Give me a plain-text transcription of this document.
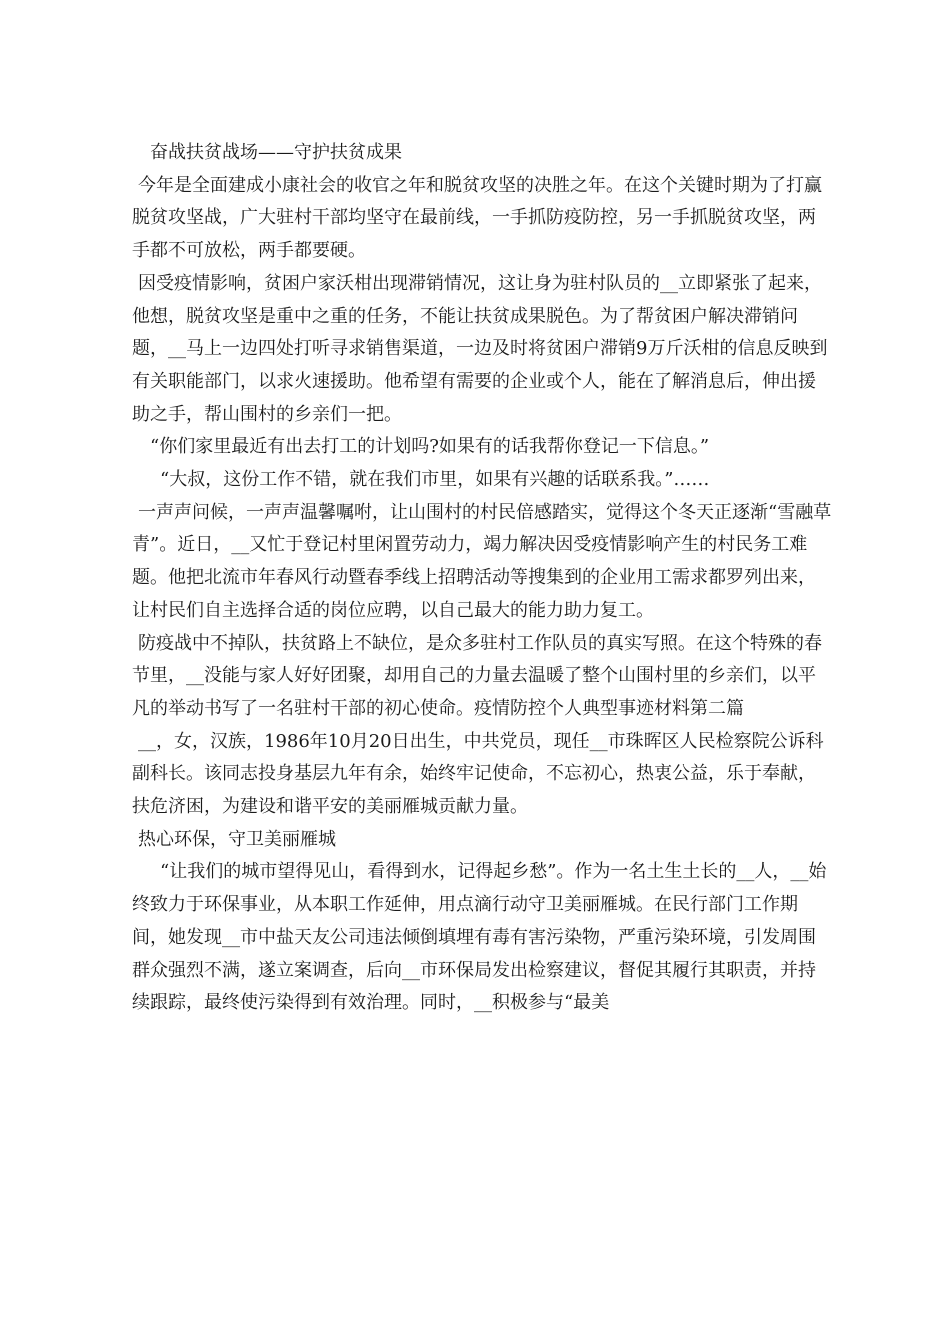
奋战扶贫战场——守护扶贫成果

今年是全面建成小康社会的收官之年和脱贫攻坚的决胜之年。在这个关键时期为了打赢脱贫攻坚战，广大驻村干部均坚守在最前线，一手抓防疫防控，另一手抓脱贫攻坚，两手都不可放松，两手都要硬。

因受疫情影响，贫困户家沃柑出现滞销情况，这让身为驻村队员的__立即紧张了起来，他想，脱贫攻坚是重中之重的任务，不能让扶贫成果脱色。为了帮贫困户解决滞销问题，__马上一边四处打听寻求销售渠道，一边及时将贫困户滞销9万斤沃柑的信息反映到有关职能部门，以求火速援助。他希望有需要的企业或个人，能在了解消息后，伸出援助之手，帮山围村的乡亲们一把。

“你们家里最近有出去打工的计划吗?如果有的话我帮你登记一下信息。”

“大叔，这份工作不错，就在我们市里，如果有兴趣的话联系我。”……

一声声问候，一声声温馨嘱咐，让山围村的村民倍感踏实，觉得这个冬天正逐渐“雪融草青”。近日，__又忙于登记村里闲置劳动力，竭力解决因受疫情影响产生的村民务工难题。他把北流市年春风行动暨春季线上招聘活动等搜集到的企业用工需求都罗列出来，让村民们自主选择合适的岗位应聘，以自己最大的能力助力复工。

防疫战中不掉队，扶贫路上不缺位，是众多驻村工作队员的真实写照。在这个特殊的春节里，__没能与家人好好团聚，却用自己的力量去温暖了整个山围村里的乡亲们，以平凡的举动书写了一名驻村干部的初心使命。疫情防控个人典型事迹材料第二篇

__，女，汉族，1986年10月20日出生，中共党员，现任__市珠晖区人民检察院公诉科副科长。该同志投身基层九年有余，始终牢记使命，不忘初心，热衷公益，乐于奉献，扶危济困，为建设和谐平安的美丽雁城贡献力量。

热心环保，守卫美丽雁城

“让我们的城市望得见山，看得到水，记得起乡愁”。作为一名土生土长的__人，__始终致力于环保事业，从本职工作延伸，用点滴行动守卫美丽雁城。在民行部门工作期间，她发现__市中盐天友公司违法倾倒填埋有毒有害污染物，严重污染环境，引发周围群众强烈不满，遂立案调查，后向__市环保局发出检察建议，督促其履行其职责，并持续跟踪，最终使污染得到有效治理。同时，__积极参与“最美
